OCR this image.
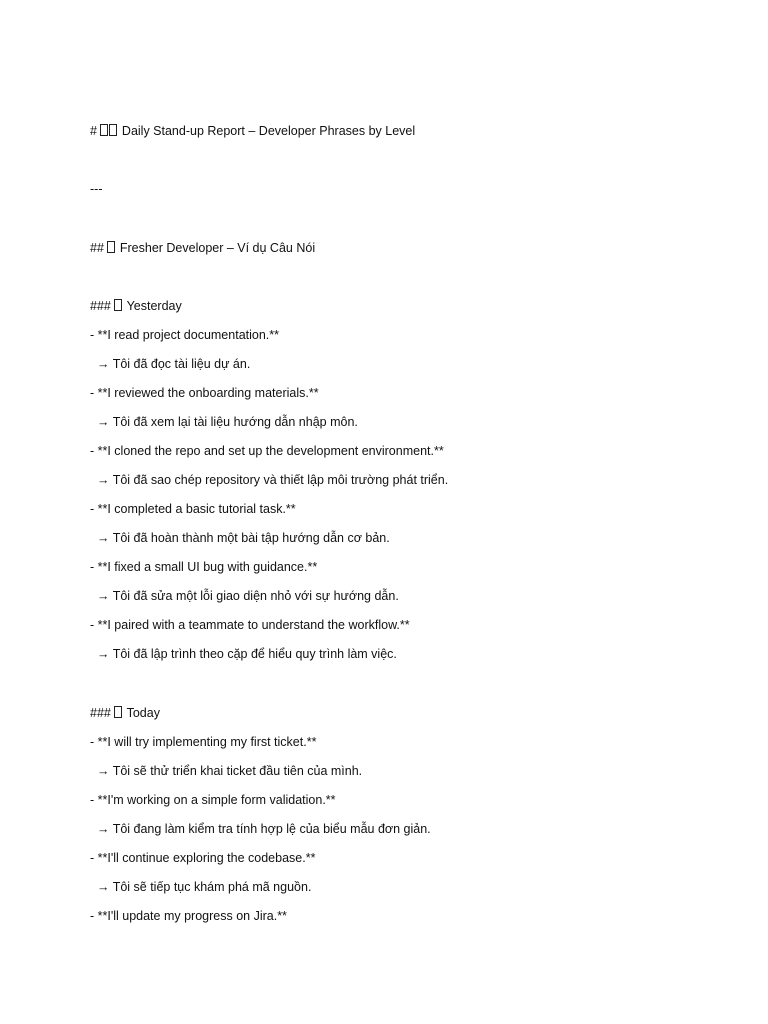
#  Daily Stand-up Report – Developer Phrases by Level
---
##  Fresher Developer – Ví dụ Câu Nói
###  Yesterday
- **I read project documentation.**
→ Tôi đã đọc tài liệu dự án.
- **I reviewed the onboarding materials.**
→ Tôi đã xem lại tài liệu hướng dẫn nhập môn.
- **I cloned the repo and set up the development environment.**
→ Tôi đã sao chép repository và thiết lập môi trường phát triển.
- **I completed a basic tutorial task.**
→ Tôi đã hoàn thành một bài tập hướng dẫn cơ bản.
- **I fixed a small UI bug with guidance.**
→ Tôi đã sửa một lỗi giao diện nhỏ với sự hướng dẫn.
- **I paired with a teammate to understand the workflow.**
→ Tôi đã lập trình theo cặp để hiểu quy trình làm việc.
###  Today
- **I will try implementing my first ticket.**
→ Tôi sẽ thử triển khai ticket đầu tiên của mình.
- **I'm working on a simple form validation.**
→ Tôi đang làm kiểm tra tính hợp lệ của biểu mẫu đơn giản.
- **I'll continue exploring the codebase.**
→ Tôi sẽ tiếp tục khám phá mã nguồn.
- **I'll update my progress on Jira.**
